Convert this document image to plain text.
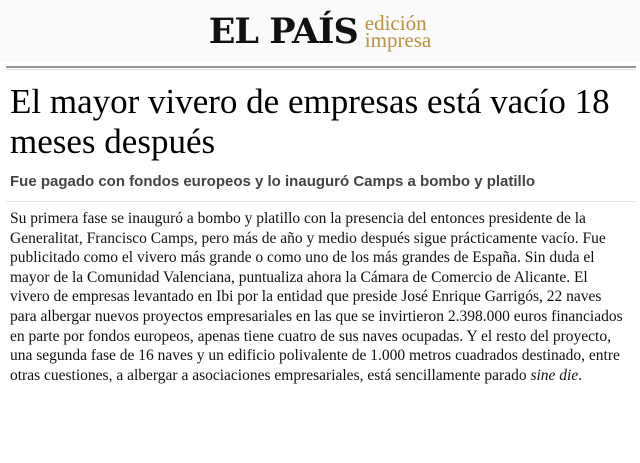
EL PAÍS edición
impresa
El mayor vivero de empresas está vacío 18 meses después
Fue pagado con fondos europeos y lo inauguró Camps a bombo y platillo

Su primera fase se inauguró a bombo y platillo con la presencia del entonces presidente de la Generalitat, Francisco Camps, pero más de año y medio después sigue prácticamente vacío. Fue publicitado como el vivero más grande o como uno de los más grandes de España. Sin duda el mayor de la Comunidad Valenciana, puntualiza ahora la Cámara de Comercio de Alicante. El vivero de empresas levantado en Ibi por la entidad que preside José Enrique Garrigós, 22 naves para albergar nuevos proyectos empresariales en las que se invirtieron 2.398.000 euros financiados en parte por fondos europeos, apenas tiene cuatro de sus naves ocupadas. Y el resto del proyecto, una segunda fase de 16 naves y un edificio polivalente de 1.000 metros cuadrados destinado, entre otras cuestiones, a albergar a asociaciones empresariales, está sencillamente parado sine die.
